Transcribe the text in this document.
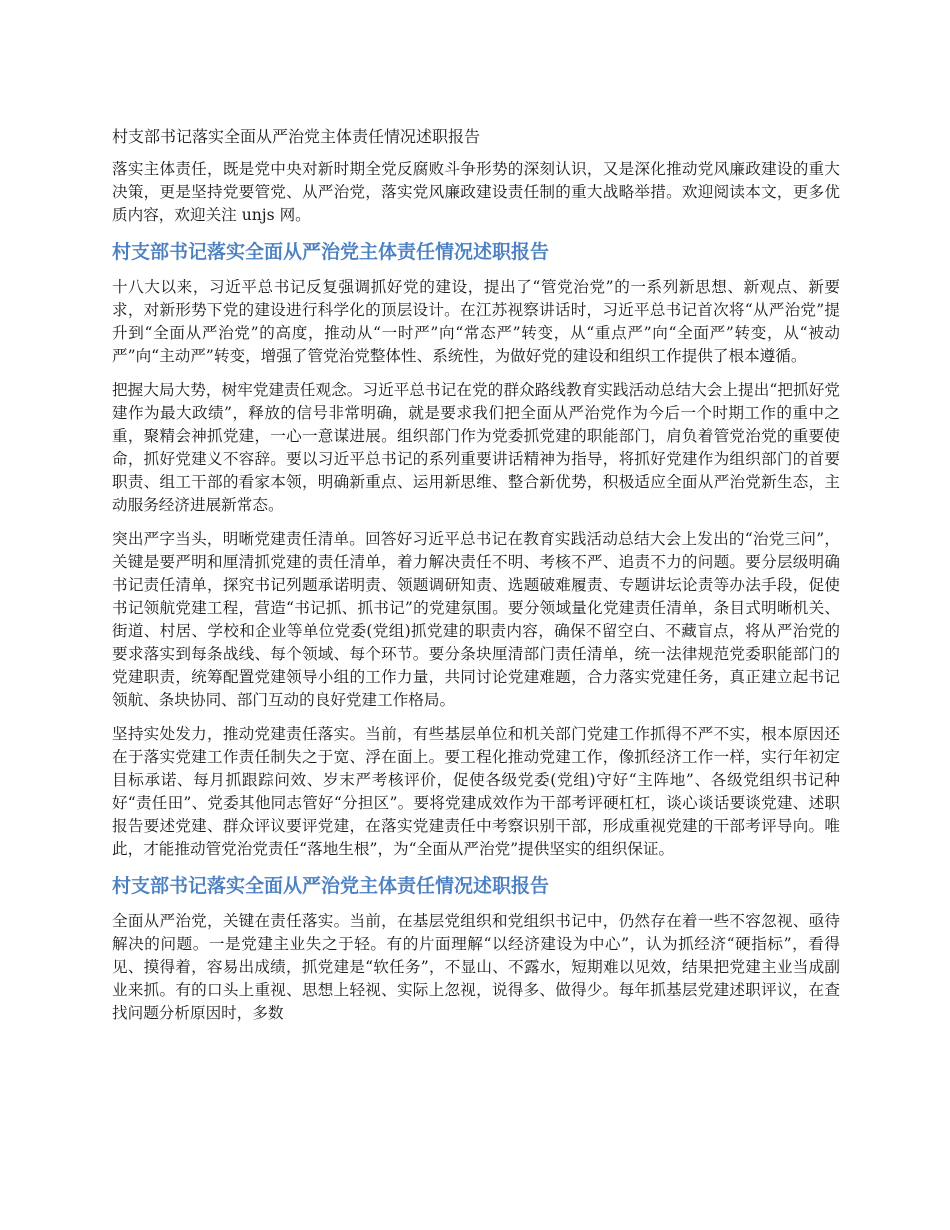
村支部书记落实全面从严治党主体责任情况述职报告

落实主体责任，既是党中央对新时期全党反腐败斗争形势的深刻认识，又是深化推动党风廉政建设的重大决策，更是坚持党要管党、从严治党，落实党风廉政建设责任制的重大战略举措。欢迎阅读本文，更多优质内容，欢迎关注 unjs 网。

村支部书记落实全面从严治党主体责任情况述职报告

十八大以来，习近平总书记反复强调抓好党的建设，提出了“管党治党”的一系列新思想、新观点、新要求，对新形势下党的建设进行科学化的顶层设计。在江苏视察讲话时，习近平总书记首次将“从严治党”提升到“全面从严治党”的高度，推动从“一时严”向“常态严”转变，从“重点严”向“全面严”转变，从“被动严”向“主动严”转变，增强了管党治党整体性、系统性，为做好党的建设和组织工作提供了根本遵循。

把握大局大势，树牢党建责任观念。习近平总书记在党的群众路线教育实践活动总结大会上提出“把抓好党建作为最大政绩”，释放的信号非常明确，就是要求我们把全面从严治党作为今后一个时期工作的重中之重，聚精会神抓党建，一心一意谋进展。组织部门作为党委抓党建的职能部门，肩负着管党治党的重要使命，抓好党建义不容辞。要以习近平总书记的系列重要讲话精神为指导，将抓好党建作为组织部门的首要职责、组工干部的看家本领，明确新重点、运用新思维、整合新优势，积极适应全面从严治党新生态，主动服务经济进展新常态。

突出严字当头，明晰党建责任清单。回答好习近平总书记在教育实践活动总结大会上发出的“治党三问”，关键是要严明和厘清抓党建的责任清单，着力解决责任不明、考核不严、追责不力的问题。要分层级明确书记责任清单，探究书记列题承诺明责、领题调研知责、选题破难履责、专题讲坛论责等办法手段，促使书记领航党建工程，营造“书记抓、抓书记”的党建氛围。要分领域量化党建责任清单，条目式明晰机关、街道、村居、学校和企业等单位党委(党组)抓党建的职责内容，确保不留空白、不藏盲点，将从严治党的要求落实到每条战线、每个领域、每个环节。要分条块厘清部门责任清单，统一法律规范党委职能部门的党建职责，统筹配置党建领导小组的工作力量，共同讨论党建难题，合力落实党建任务，真正建立起书记领航、条块协同、部门互动的良好党建工作格局。

坚持实处发力，推动党建责任落实。当前，有些基层单位和机关部门党建工作抓得不严不实，根本原因还在于落实党建工作责任制失之于宽、浮在面上。要工程化推动党建工作，像抓经济工作一样，实行年初定目标承诺、每月抓跟踪问效、岁末严考核评价，促使各级党委(党组)守好“主阵地”、各级党组织书记种好“责任田”、党委其他同志管好“分担区”。要将党建成效作为干部考评硬杠杠，谈心谈话要谈党建、述职报告要述党建、群众评议要评党建，在落实党建责任中考察识别干部，形成重视党建的干部考评导向。唯此，才能推动管党治党责任“落地生根”，为“全面从严治党”提供坚实的组织保证。

村支部书记落实全面从严治党主体责任情况述职报告

全面从严治党，关键在责任落实。当前，在基层党组织和党组织书记中，仍然存在着一些不容忽视、亟待解决的问题。一是党建主业失之于轻。有的片面理解“以经济建设为中心”，认为抓经济“硬指标”，看得见、摸得着，容易出成绩，抓党建是“软任务”，不显山、不露水，短期难以见效，结果把党建主业当成副业来抓。有的口头上重视、思想上轻视、实际上忽视，说得多、做得少。每年抓基层党建述职评议，在查找问题分析原因时，多数
